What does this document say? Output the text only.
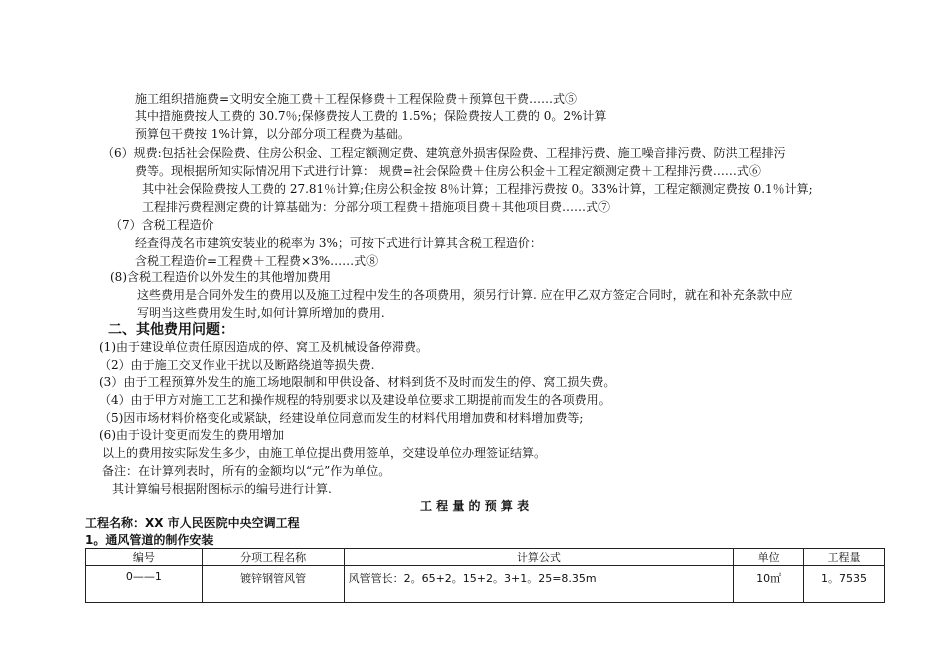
施工组织措施费=文明安全施工费＋工程保修费＋工程保险费＋预算包干费……式⑤
其中措施费按人工费的 30.7％;保修费按人工费的 1.5%；保险费按人工费的 0。2%计算
预算包干费按 1%计算，以分部分项工程费为基础。
（6）规费:包括社会保险费、住房公积金、工程定额测定费、建筑意外损害保险费、工程排污费、施工噪音排污费、防洪工程排污
费等。现根据所知实际情况用下式进行计算： 规费=社会保险费＋住房公积金＋工程定额测定费＋工程排污费……式⑥
其中社会保险费按人工费的 27.81％计算;住房公积金按 8％计算；工程排污费按 0。33%计算，工程定额测定费按 0.1％计算;
工程排污费程测定费的计算基础为：分部分项工程费＋措施项目费＋其他项目费……式⑦
（7）含税工程造价
经查得茂名市建筑安装业的税率为 3%；可按下式进行计算其含税工程造价：
含税工程造价=工程费＋工程费×3%……式⑧
(8)含税工程造价以外发生的其他增加费用
这些费用是合同外发生的费用以及施工过程中发生的各项费用，须另行计算. 应在甲乙双方签定合同时，就在和补充条款中应
写明当这些费用发生时,如何计算所增加的费用.
二、其他费用问题：
(1)由于建设单位责任原因造成的停、窝工及机械设备停滞费。
（2）由于施工交叉作业干扰以及断路绕道等损失费.
(3）由于工程预算外发生的施工场地限制和甲供设备、材料到货不及时而发生的停、窝工损失费。
（4）由于甲方对施工工艺和操作规程的特别要求以及建设单位要求工期提前而发生的各项费用。
（5)因市场材料价格变化或紧缺，经建设单位同意而发生的材料代用增加费和材料增加费等;
(6)由于设计变更而发生的费用增加
以上的费用按实际发生多少，由施工单位提出费用签单，交建设单位办理签证结算。
备注：在计算列表时，所有的金额均以“元”作为单位。
其计算编号根据附图标示的编号进行计算.
工 程 量 的 预 算 表
工程名称：XX 市人民医院中央空调工程
1。通风管道的制作安装
编号	分项工程名称	计算公式	单位	工程量
0——1	镀锌钢管风管	风管管长：2。65+2。15+2。3+1。25=8.35m	10㎡	1。7535
